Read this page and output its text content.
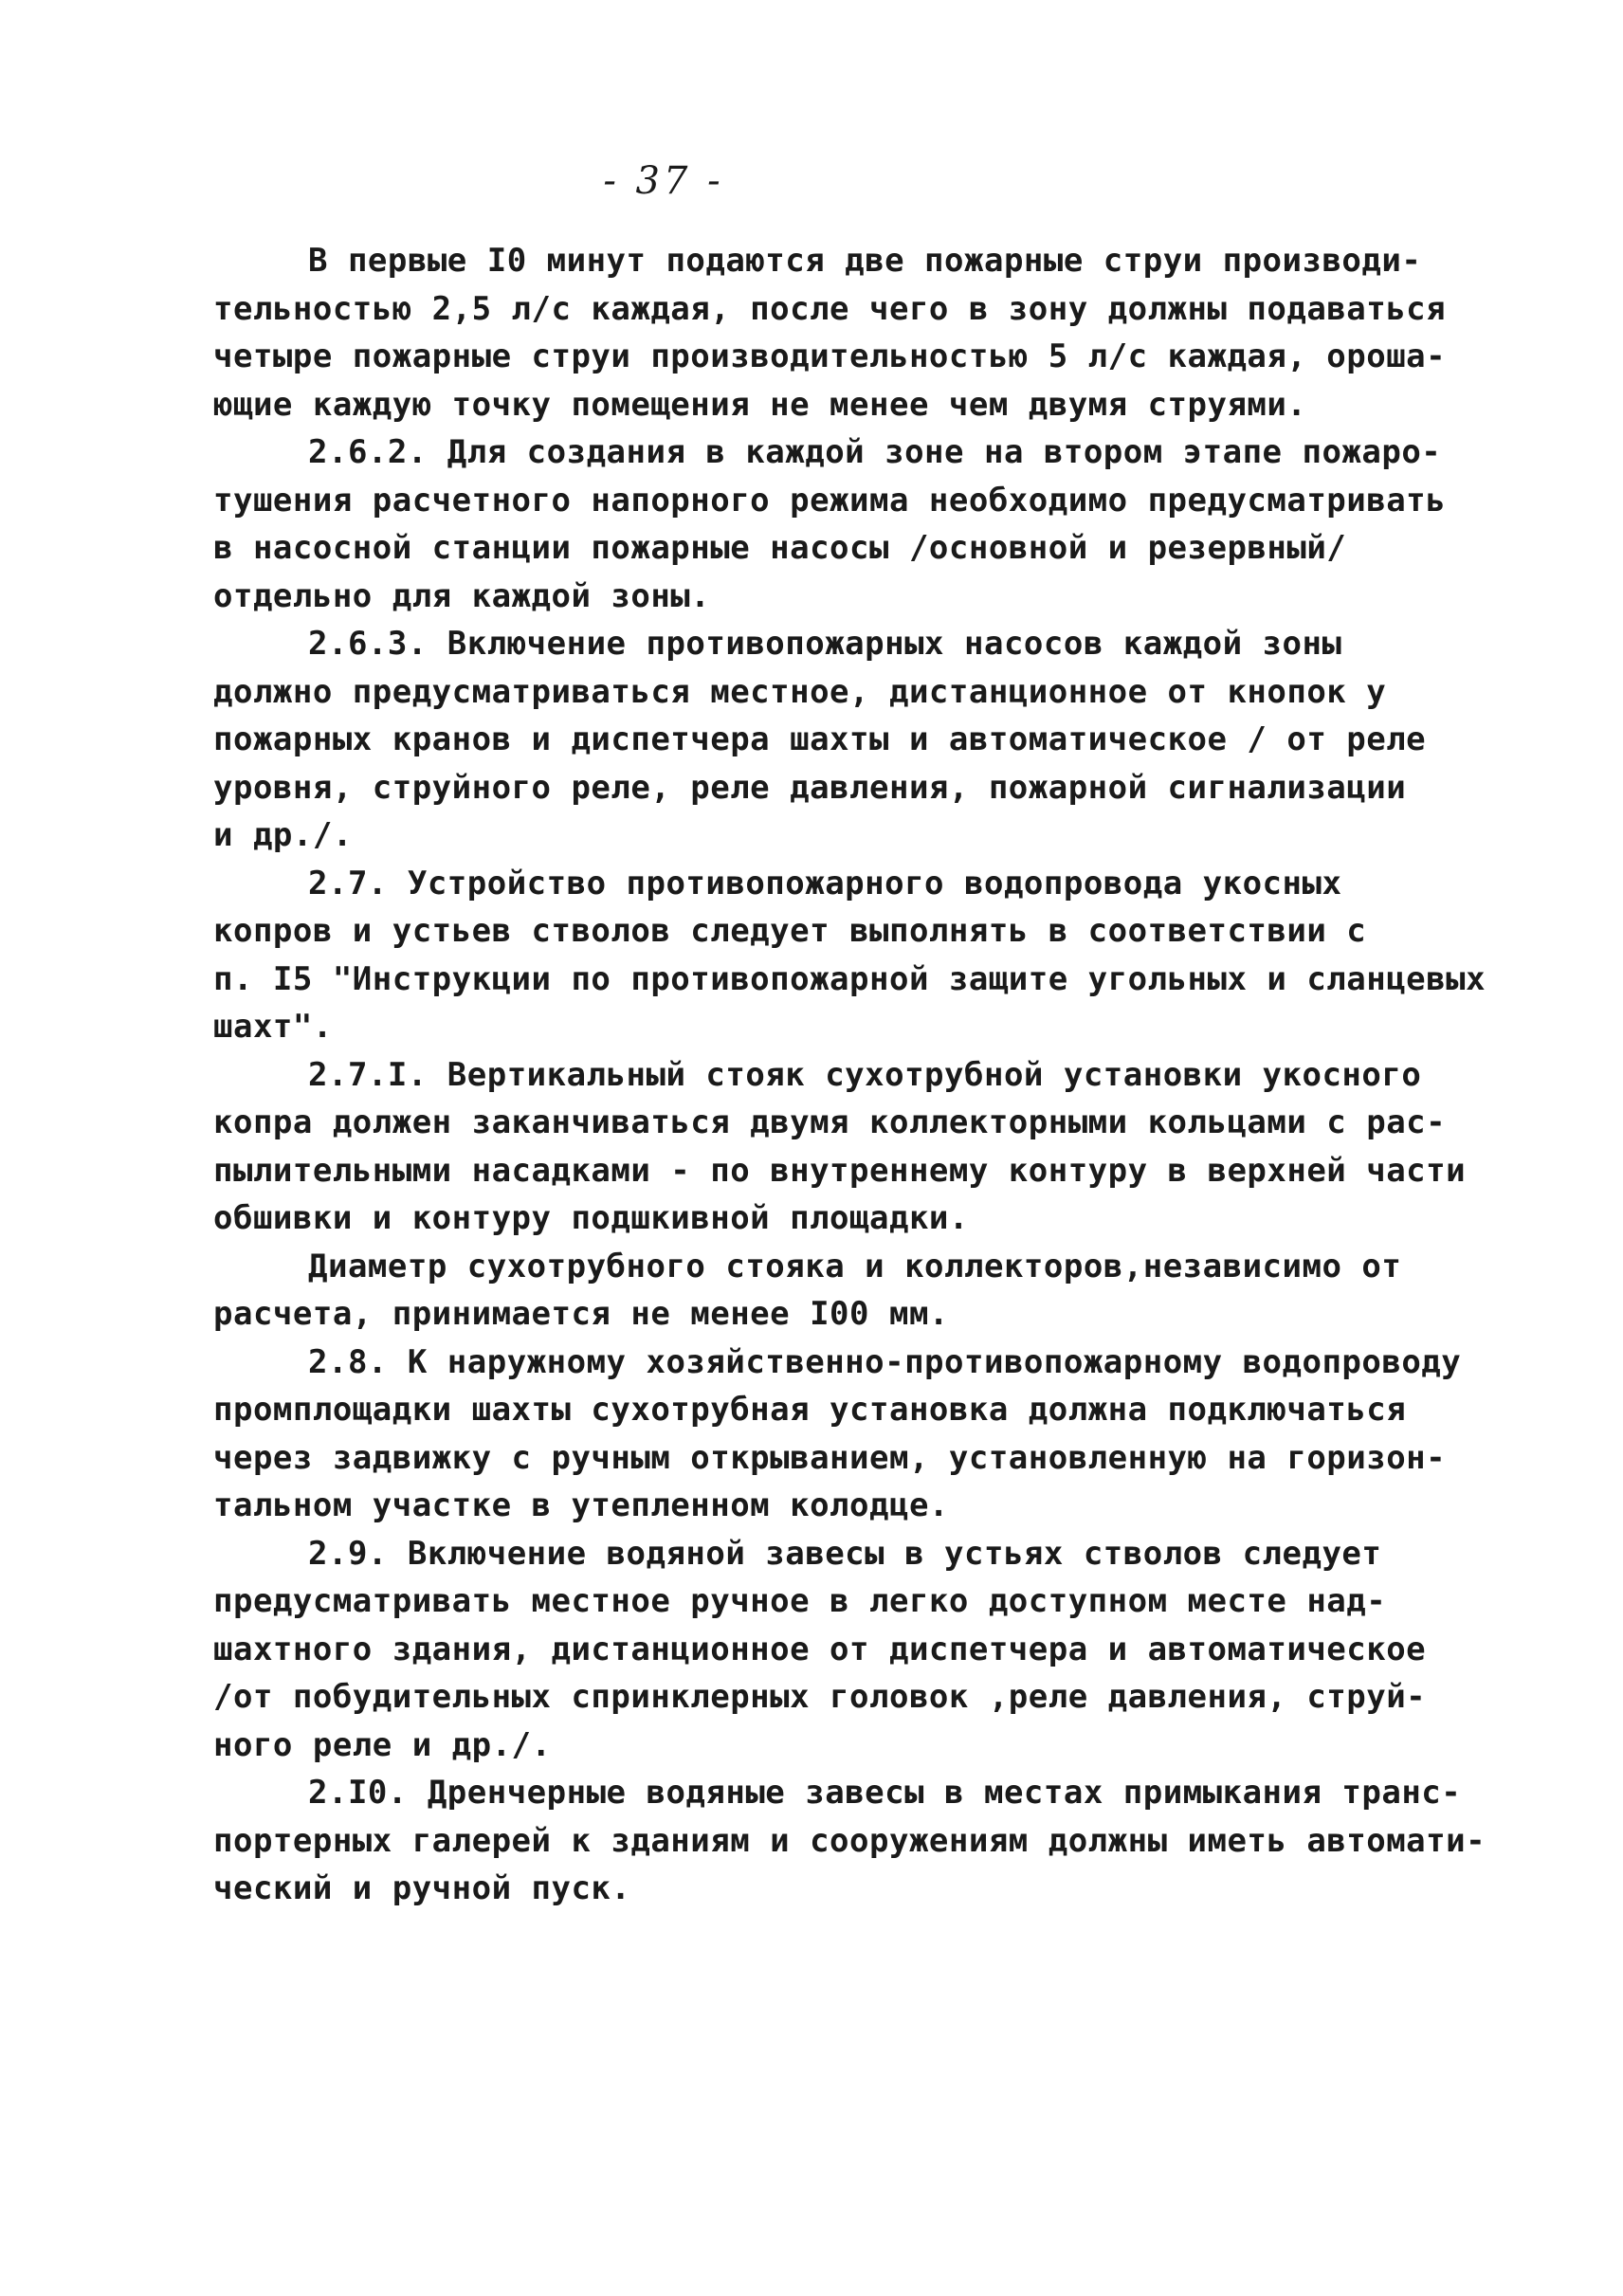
- 37 -
В первые I0 минут подаются две пожарные струи производи-
тельностью 2,5 л/с каждая, после чего в зону должны подаваться
четыре пожарные струи производительностью 5 л/с каждая, ороша-
ющие каждую точку помещения не менее чем двумя струями.
2.6.2. Для создания в каждой зоне на втором этапе пожаро-
тушения расчетного напорного режима необходимо предусматривать
в насосной станции пожарные насосы /основной и резервный/
отдельно для каждой зоны.
2.6.3. Включение противопожарных насосов каждой зоны
должно предусматриваться местное, дистанционное от кнопок у
пожарных кранов и диспетчера шахты и автоматическое / от реле
уровня, струйного реле, реле давления, пожарной сигнализации
и др./.
2.7. Устройство противопожарного водопровода укосных
копров и устьев стволов следует выполнять в соответствии с
п. I5 "Инструкции по противопожарной защите угольных и сланцевых
шахт".
2.7.I. Вертикальный стояк сухотрубной установки укосного
копра должен заканчиваться двумя коллекторными кольцами с рас-
пылительными насадками - по внутреннему контуру в верхней части
обшивки и контуру подшкивной площадки.
Диаметр сухотрубного стояка и коллекторов,независимо от
расчета, принимается не менее I00 мм.
2.8. К наружному хозяйственно-противопожарному водопроводу
промплощадки шахты сухотрубная установка должна подключаться
через задвижку с ручным открыванием, установленную на горизон-
тальном участке в утепленном колодце.
2.9. Включение водяной завесы в устьях стволов следует
предусматривать местное ручное в легко доступном месте над-
шахтного здания, дистанционное от диспетчера и автоматическое
/от побудительных спринклерных головок ,реле давления, струй-
ного реле и др./.
2.I0. Дренчерные водяные завесы в местах примыкания транс-
портерных галерей к зданиям и сооружениям должны иметь автомати-
ческий и ручной пуск.
